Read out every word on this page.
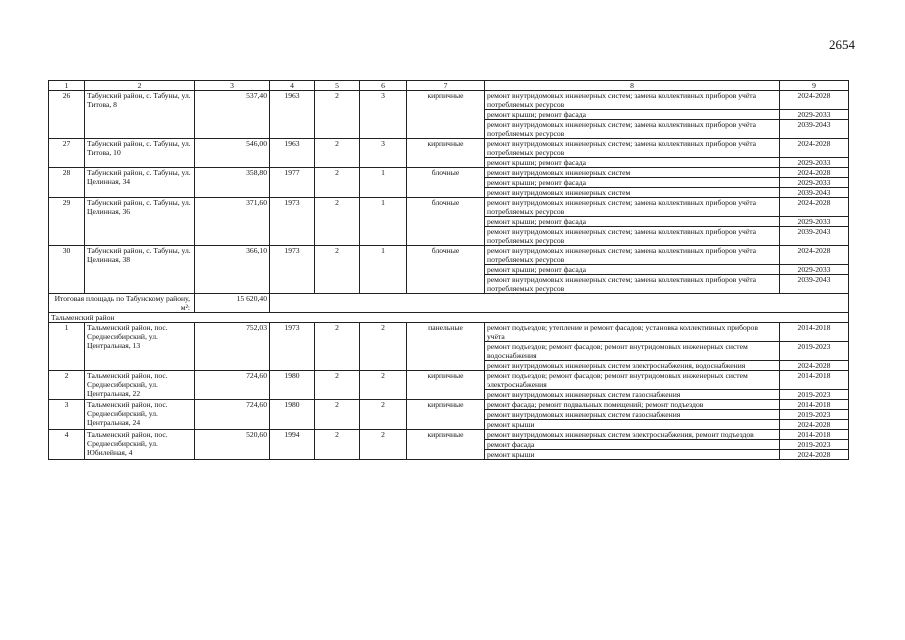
2654
1	2	3	4	5	6	7	8	9
26	Табунский район, с. Табуны, ул. Титова, 8	537,40	1963	2	3	кирпичные	ремонт внутридомовых инженерных систем; замена коллективных приборов учёта потребляемых ресурсов	2024-2028
							ремонт крыши; ремонт фасада	2029-2033
							ремонт внутридомовых инженерных систем; замена коллективных приборов учёта потребляемых ресурсов	2039-2043
27	Табунский район, с. Табуны, ул. Титова, 10	546,00	1963	2	3	кирпичные	ремонт внутридомовых инженерных систем; замена коллективных приборов учёта потребляемых ресурсов	2024-2028
							ремонт крыши; ремонт фасада	2029-2033
28	Табунский район, с. Табуны, ул. Целинная, 34	358,80	1977	2	1	блочные	ремонт внутридомовых инженерных систем	2024-2028
							ремонт крыши; ремонт фасада	2029-2033
							ремонт внутридомовых инженерных систем	2039-2043
29	Табунский район, с. Табуны, ул. Целинная, 36	371,60	1973	2	1	блочные	ремонт внутридомовых инженерных систем; замена коллективных приборов учёта потребляемых ресурсов	2024-2028
							ремонт крыши; ремонт фасада	2029-2033
							ремонт внутридомовых инженерных систем; замена коллективных приборов учёта потребляемых ресурсов	2039-2043
30	Табунский район, с. Табуны, ул. Целинная, 38	366,10	1973	2	1	блочные	ремонт внутридомовых инженерных систем; замена коллективных приборов учёта потребляемых ресурсов	2024-2028
							ремонт крыши; ремонт фасада	2029-2033
							ремонт внутридомовых инженерных систем; замена коллективных приборов учёта потребляемых ресурсов	2039-2043
Итоговая площадь по Табунскому району, м²:		15 620,40						
Тальменский район								
1	Тальменский район, пос. Среднесибирский, ул. Центральная, 13	752,03	1973	2	2	панельные	ремонт подъездов; утепление и ремонт фасадов; установка коллективных приборов учёта	2014-2018
							ремонт подъездов; ремонт фасадов; ремонт внутридомовых инженерных систем водоснабжения	2019-2023
							ремонт внутридомовых инженерных систем электроснабжения, водоснабжения	2024-2028
2	Тальменский район, пос. Среднесибирский, ул. Центральная, 22	724,60	1980	2	2	кирпичные	ремонт подъездов; ремонт фасадов; ремонт внутридомовых инженерных систем электроснабжения	2014-2018
							ремонт внутридомовых инженерных систем газоснабжения	2019-2023
3	Тальменский район, пос. Среднесибирский, ул. Центральная, 24	724,60	1980	2	2	кирпичные	ремонт фасада; ремонт подвальных помещений; ремонт подъездов	2014-2018
							ремонт внутридомовых инженерных систем газоснабжения	2019-2023
							ремонт крыши	2024-2028
4	Тальменский район, пос. Среднесибирский, ул. Юбилейная, 4	520,60	1994	2	2	кирпичные	ремонт внутридомовых инженерных систем электроснабжения, ремонт подъездов	2014-2018
							ремонт фасада	2019-2023
							ремонт крыши	2024-2028
